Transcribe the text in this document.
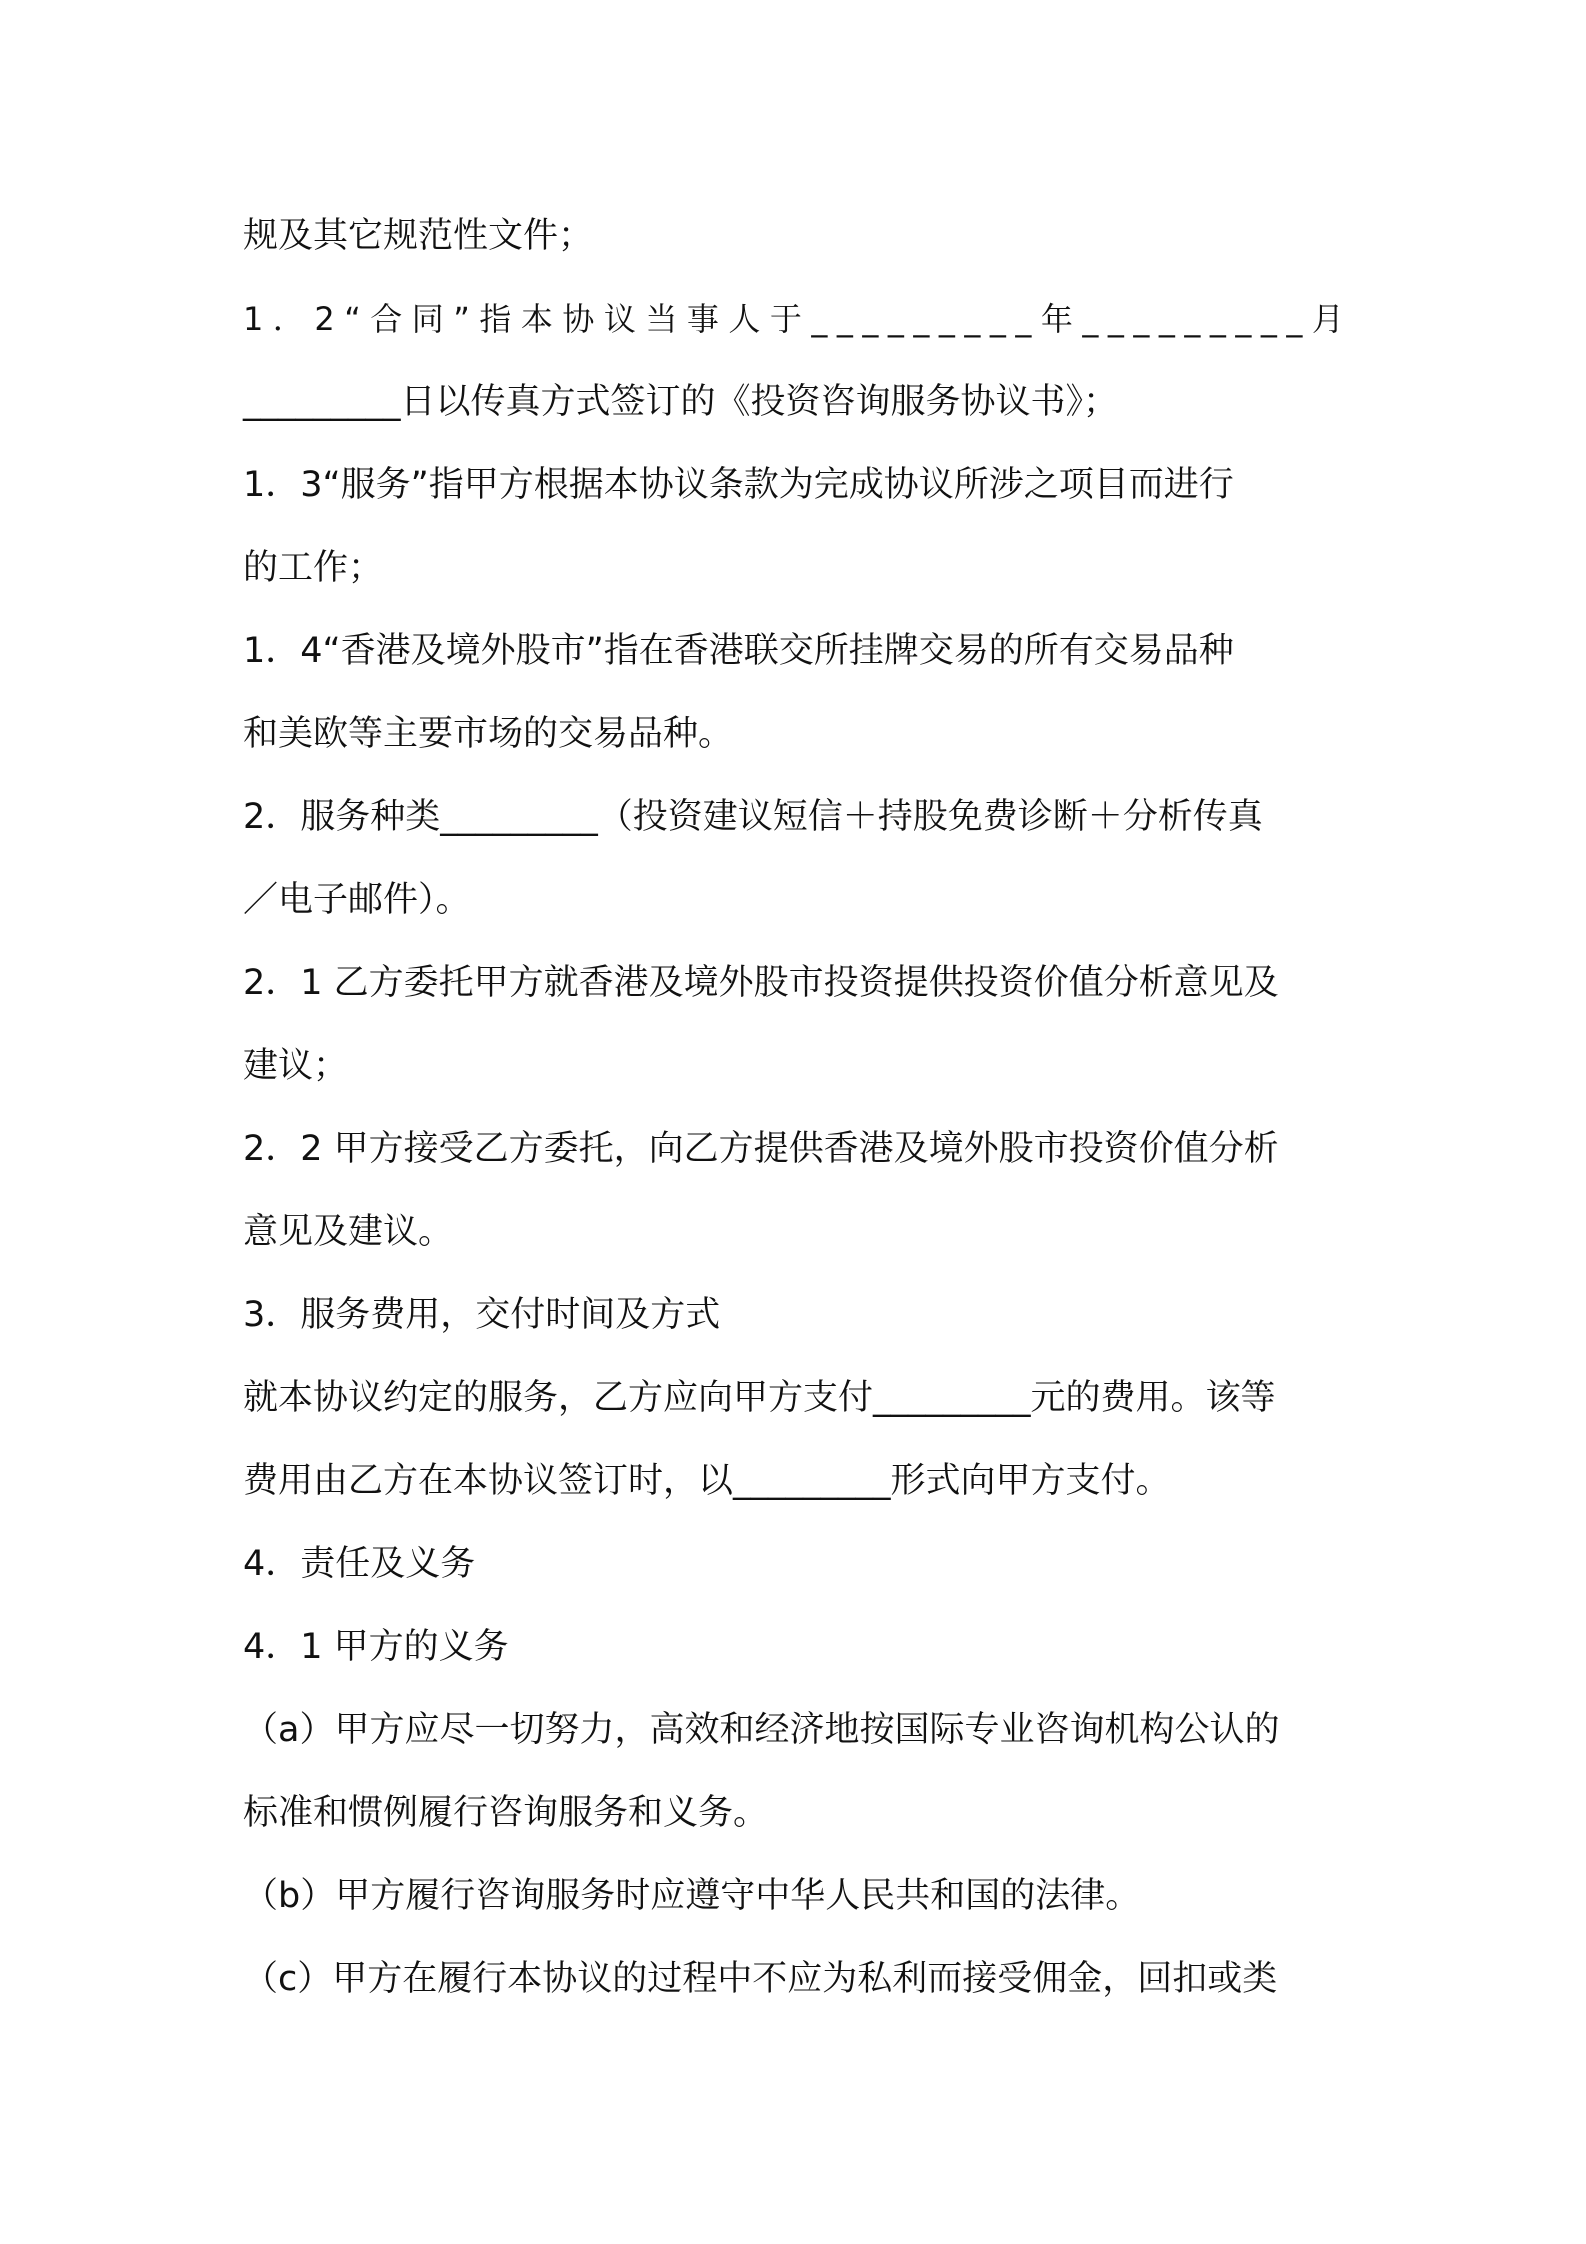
规及其它规范性文件；
1．2“合同”指本协议当事人于_________年_________月
_________日以传真方式签订的《投资咨询服务协议书》；
1．3“服务”指甲方根据本协议条款为完成协议所涉之项目而进行
的工作；
1．4“香港及境外股市”指在香港联交所挂牌交易的所有交易品种
和美欧等主要市场的交易品种。
2．服务种类_________（投资建议短信＋持股免费诊断＋分析传真
／电子邮件）。
2．1 乙方委托甲方就香港及境外股市投资提供投资价值分析意见及
建议；
2．2 甲方接受乙方委托，向乙方提供香港及境外股市投资价值分析
意见及建议。
3．服务费用，交付时间及方式
就本协议约定的服务，乙方应向甲方支付_________元的费用。该等
费用由乙方在本协议签订时，以_________形式向甲方支付。
4．责任及义务
4．1 甲方的义务
（a）甲方应尽一切努力，高效和经济地按国际专业咨询机构公认的
标准和惯例履行咨询服务和义务。
（b）甲方履行咨询服务时应遵守中华人民共和国的法律。
（c）甲方在履行本协议的过程中不应为私利而接受佣金，回扣或类
